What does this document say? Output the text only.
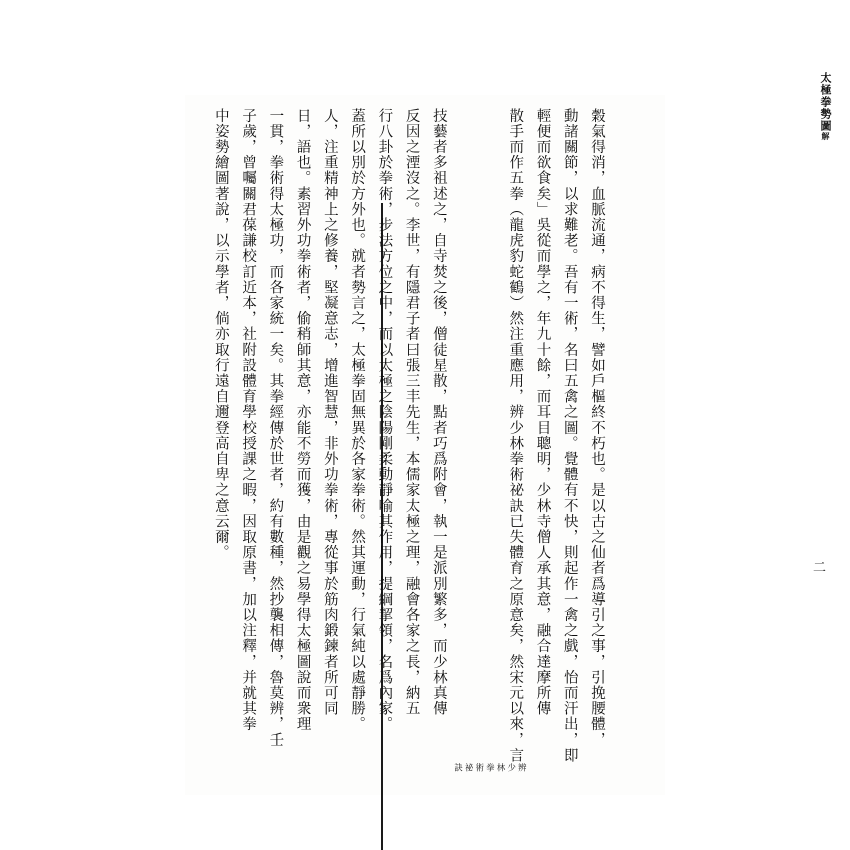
太極拳勢圖解
二
穀氣得消，血脈流通，病不得生，譬如戶樞終不朽也。是以古之仙者爲導引之事，引挽腰體，
動諸關節，以求難老。吾有一術，名曰五禽之圖。覺體有不快，則起作一禽之戲，怡而汗出，即
輕便而欲食矣」吳從而學之，年九十餘，而耳目聰明，少林寺僧人承其意，融合達摩所傳
散手而作五拳（龍虎豹蛇鶴）然注重應用，辨少林拳術祕訣已失體育之原意矣，然宋元以來，言
辨少林拳
術祕訣
技藝者多祖述之，自寺焚之後，僧徒星散，點者巧爲附會，執一是派別繁多，而少林真傳
反因之湮沒之。李世，有隱君子者曰張三丰先生，本儒家太極之理，融會各家之長，納五
行八卦於拳術，步法方位之中，而以太極之陰陽剛柔動靜喻其作用，提綱挈領，名爲內家。
蓋所以別於方外也。就者勢言之，太極拳固無異於各家拳術。然其運動，行氣純以處靜勝。
人，注重精神上之修養，堅凝意志，增進智慧，非外功拳術，專從事於筋肉鍛鍊者所可同
日，語也。素習外功拳術者，偷稍師其意，亦能不勞而獲，由是觀之易學得太極圖說而衆理
一貫，拳術得太極功，而各家統一矣。其拳經傳於世者，約有數種，然抄襲相傳，魯莫辨，壬
子歲，曾囑關君葆謙校訂近本，社附設體育學校授課之暇，因取原書，加以注釋，并就其拳
中姿勢繪圖著說，以示學者，倘亦取行遠自邇登高自卑之意云爾。
